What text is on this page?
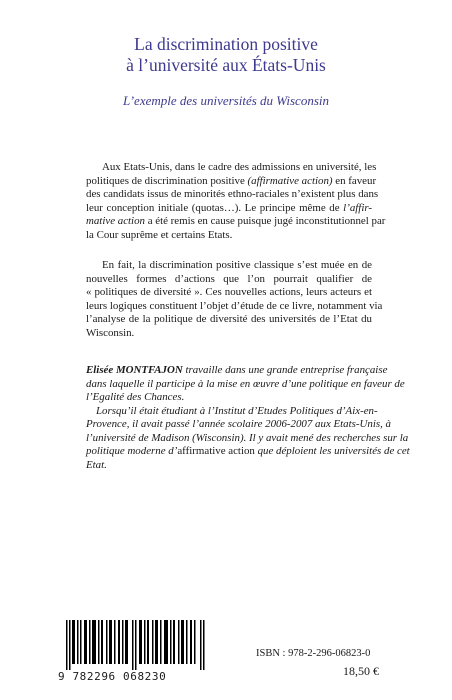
La discrimination positive
à l’université aux États-Unis
L’exemple des universités du Wisconsin
Aux Etats-Unis, dans le cadre des admissions en université, les
politiques de discrimination positive (affirmative action) en faveur
des candidats issus de minorités ethno-raciales n’existent plus dans
leur conception initiale (quotas…). Le principe même de l’affir-
mative action a été remis en cause puisque jugé inconstitutionnel par
la Cour suprême et certains Etats.
En fait, la discrimination positive classique s’est muée en de
nouvelles formes d’actions que l’on pourrait qualifier de
« politiques de diversité ». Ces nouvelles actions, leurs acteurs et
leurs logiques constituent l’objet d’étude de ce livre, notamment via
l’analyse de la politique de diversité des universités de l’Etat du
Wisconsin.
Elisée MONTFAJON travaille dans une grande entreprise française
dans laquelle il participe à la mise en œuvre d’une politique en faveur de
l’Egalité des Chances.
Lorsqu’il était étudiant à l’Institut d’Etudes Politiques d’Aix-en-
Provence, il avait passé l’année scolaire 2006-2007 aux Etats-Unis, à
l’université de Madison (Wisconsin). Il y avait mené des recherches sur la
politique moderne d’affirmative action que déploient les universités de cet
Etat.
9 782296 068230
ISBN : 978-2-296-06823-0
18,50 €
